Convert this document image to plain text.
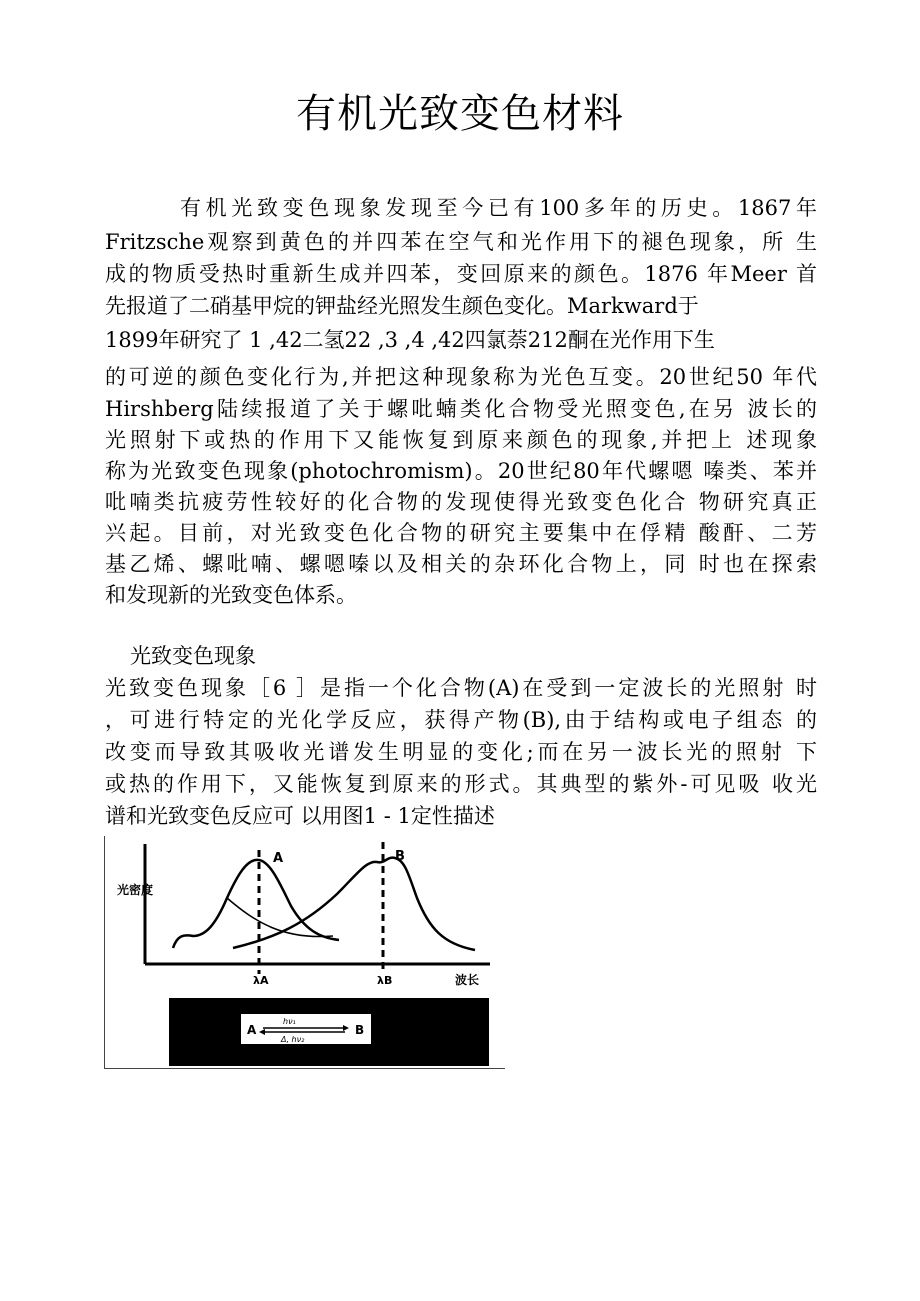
有机光致变色材料
有机光致变色现象发现至今已有100多年的历史。1867年
Fritzsche观察到黄色的并四苯在空气和光作用下的褪色现象，所 生
成的物质受热时重新生成并四苯，变回原来的颜色。1876 年Meer 首
先报道了二硝基甲烷的钾盐经光照发生颜色变化。Markward于
1899年研究了 1 ,42二氢22 ,3 ,4 ,42四氯萘212酮在光作用下生
的可逆的颜色变化行为,并把这种现象称为光色互变。20世纪50 年代
Hirshberg陆续报道了关于螺吡蝻类化合物受光照变色,在另 波长的
光照射下或热的作用下又能恢复到原来颜色的现象,并把上 述现象
称为光致变色现象(photochromism)。20世纪80年代螺嗯 嗪类、苯并
吡喃类抗疲劳性较好的化合物的发现使得光致变色化合 物研究真正
兴起。目前，对光致变色化合物的研究主要集中在俘精 酸酐、二芳
基乙烯、螺吡喃、螺嗯嗪以及相关的杂环化合物上，同 时也在探索
和发现新的光致变色体系。
光致变色现象
光致变色现象［6 ］是指一个化合物(A)在受到一定波长的光照射 时
，可进行特定的光化学反应，获得产物(B),由于结构或电子组态 的
改变而导致其吸收光谱发生明显的变化;而在另一波长光的照射 下
或热的作用下，又能恢复到原来的形式。其典型的紫外-可见吸 收光
谱和光致变色反应可 以用图1 - 1定性描述
光密度
A	B
λA	λB	波长
A
hν₁
Δ, hν₂
B
